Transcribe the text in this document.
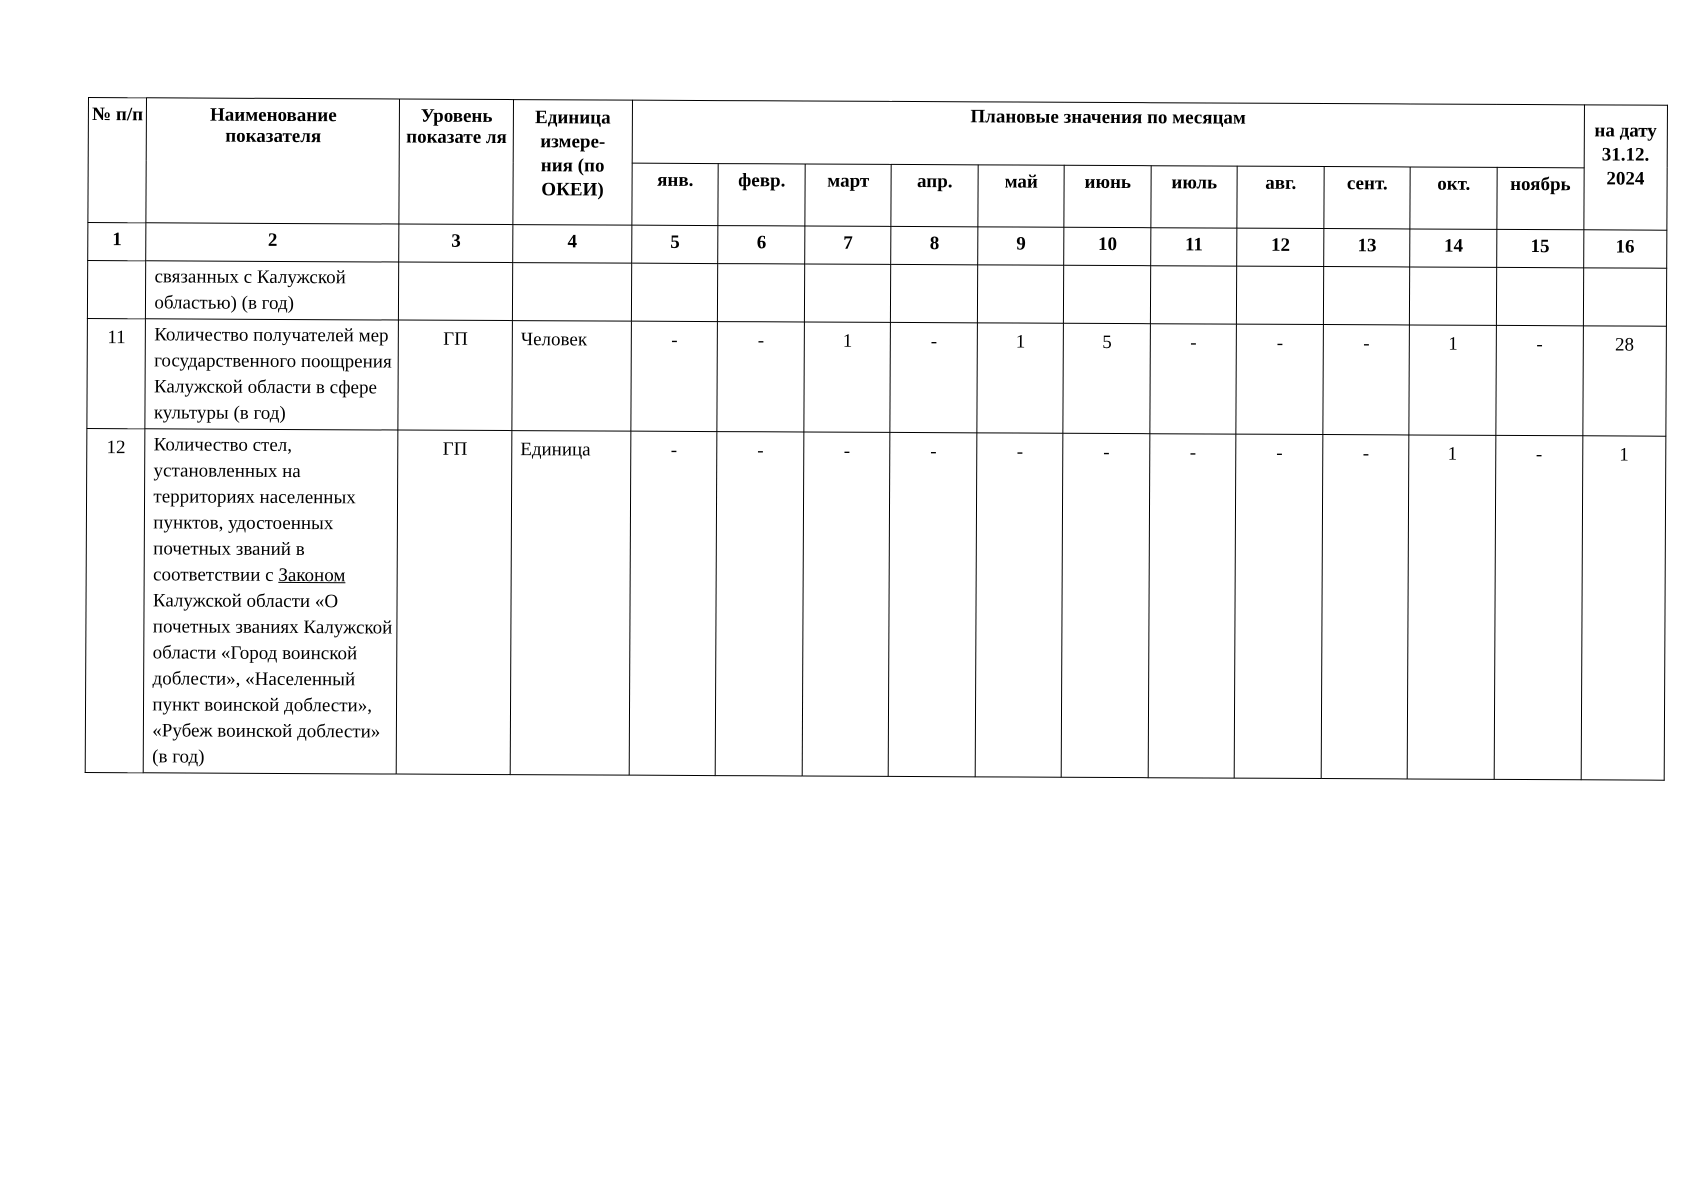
№ п/п	Наименование показателя	Уровень показате ля	Единица измере- ния (по ОКЕИ)	Плановые значения по месяцам											на дату 31.12. 2024
				янв.	февр.	март	апр.	май	июнь	июль	авг.	сент.	окт.	ноябрь	
1	2	3	4	5	6	7	8	9	10	11	12	13	14	15	16
	связанных с Калужской областью) (в год)														
11	Количество получателей мер государственного поощрения Калужской области в сфере культуры (в год)	ГП	Человек	-	-	1	-	1	5	-	-	-	1	-	28
12	Количество стел, установленных на территориях населенных пунктов, удостоенных почетных званий в соответствии с Законом Калужской области «О почетных званиях Калужской области «Город воинской доблести», «Населенный пункт воинской доблести», «Рубеж воинской доблести» (в год)	ГП	Единица	-	-	-	-	-	-	-	-	-	1	-	1
